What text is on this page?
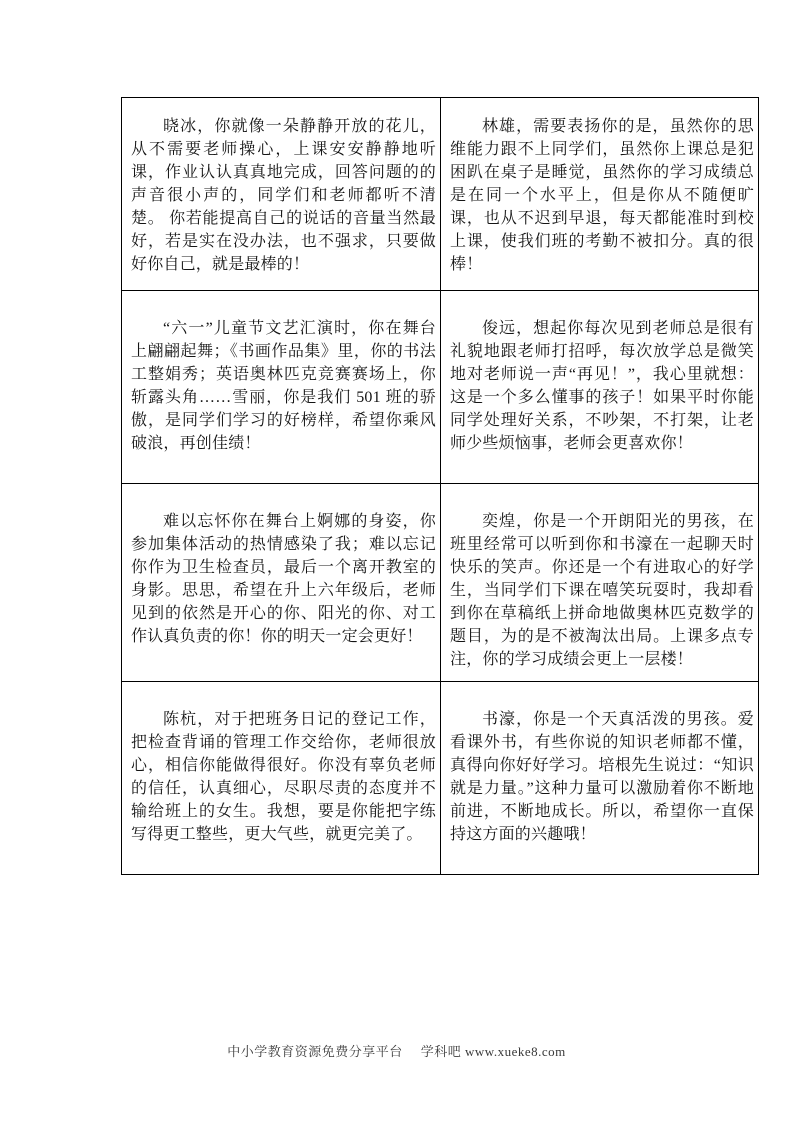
晓冰，你就像一朵静静开放的花儿，从不需要老师操心，上课安安静静地听课，作业认认真真地完成，回答问题的的声音很小声的，同学们和老师都听不清楚。 你若能提高自己的说话的音量当然最好，若是实在没办法，也不强求，只要做好你自己，就是最棒的！	林雄，需要表扬你的是，虽然你的思维能力跟不上同学们，虽然你上课总是犯困趴在桌子是睡觉，虽然你的学习成绩总是在同一个水平上，但是你从不随便旷课，也从不迟到早退，每天都能准时到校上课，使我们班的考勤不被扣分。真的很棒！

“六一”儿童节文艺汇演时，你在舞台上翩翩起舞；《书画作品集》里，你的书法工整娟秀；英语奥林匹克竞赛赛场上，你斩露头角……雪丽，你是我们 501 班的骄傲，是同学们学习的好榜样，希望你乘风破浪，再创佳绩！	俊远，想起你每次见到老师总是很有礼貌地跟老师打招呼，每次放学总是微笑地对老师说一声“再见！”，我心里就想：这是一个多么懂事的孩子！如果平时你能同学处理好关系，不吵架，不打架，让老师少些烦恼事，老师会更喜欢你！

难以忘怀你在舞台上婀娜的身姿，你参加集体活动的热情感染了我；难以忘记你作为卫生检查员，最后一个离开教室的身影。思思，希望在升上六年级后，老师见到的依然是开心的你、阳光的你、对工作认真负责的你！你的明天一定会更好！	奕煌，你是一个开朗阳光的男孩，在班里经常可以听到你和书濠在一起聊天时快乐的笑声。你还是一个有进取心的好学生，当同学们下课在嘻笑玩耍时，我却看到你在草稿纸上拼命地做奥林匹克数学的题目，为的是不被淘汰出局。上课多点专注，你的学习成绩会更上一层楼！

陈杭，对于把班务日记的登记工作，把检查背诵的管理工作交给你，老师很放心，相信你能做得很好。你没有辜负老师的信任，认真细心，尽职尽责的态度并不输给班上的女生。我想，要是你能把字练写得更工整些，更大气些，就更完美了。	书濠，你是一个天真活泼的男孩。爱看课外书，有些你说的知识老师都不懂，真得向你好好学习。培根先生说过：“知识就是力量。”这种力量可以激励着你不断地前进，不断地成长。所以，希望你一直保持这方面的兴趣哦！

中小学教育资源免费分享平台 学科吧 www.xueke8.com
